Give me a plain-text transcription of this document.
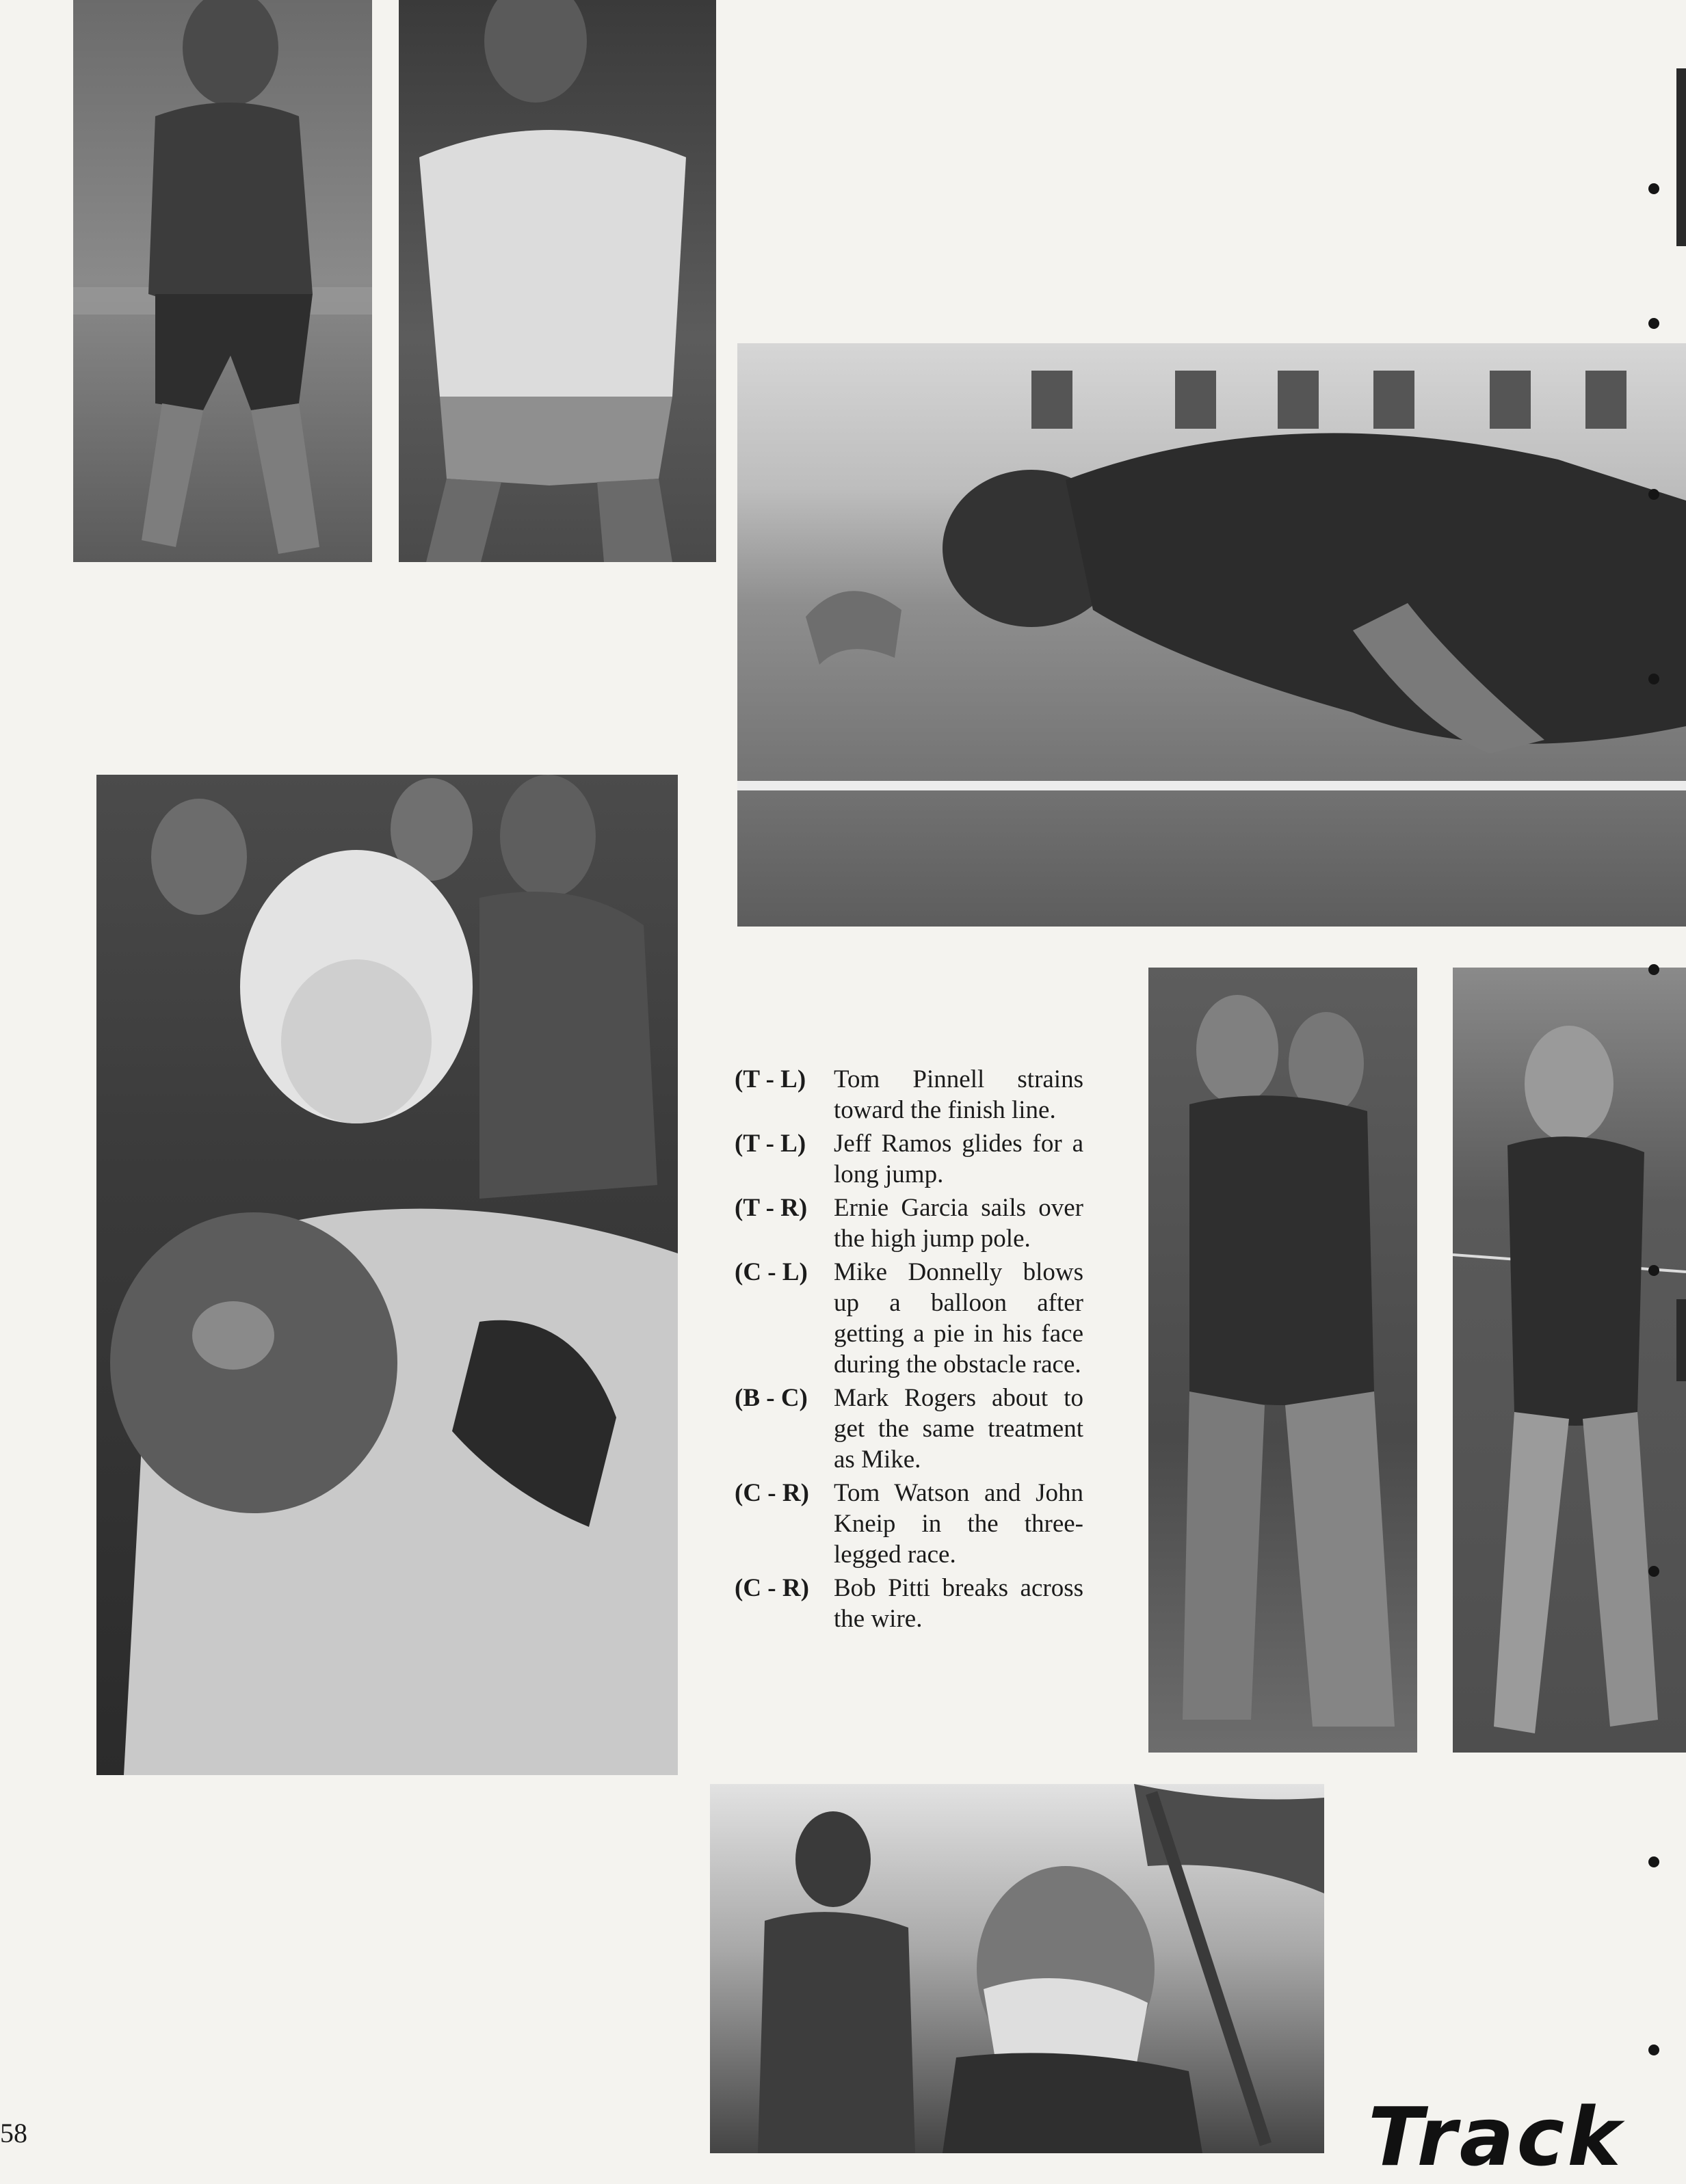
(T - L)	Tom Pinnell strains toward the finish line.
(T - L)	Jeff Ramos glides for a long jump.
(T - R)	Ernie Garcia sails over the high jump pole.
(C - L)	Mike Donnelly blows up a balloon after getting a pie in his face during the obstacle race.
(B - C)	Mark Rogers about to get the same treatment as Mike.
(C - R) Tom Watson and John Kneip in the three-legged race.
(C - R) Bob Pitti breaks across the wire.
58	Track
